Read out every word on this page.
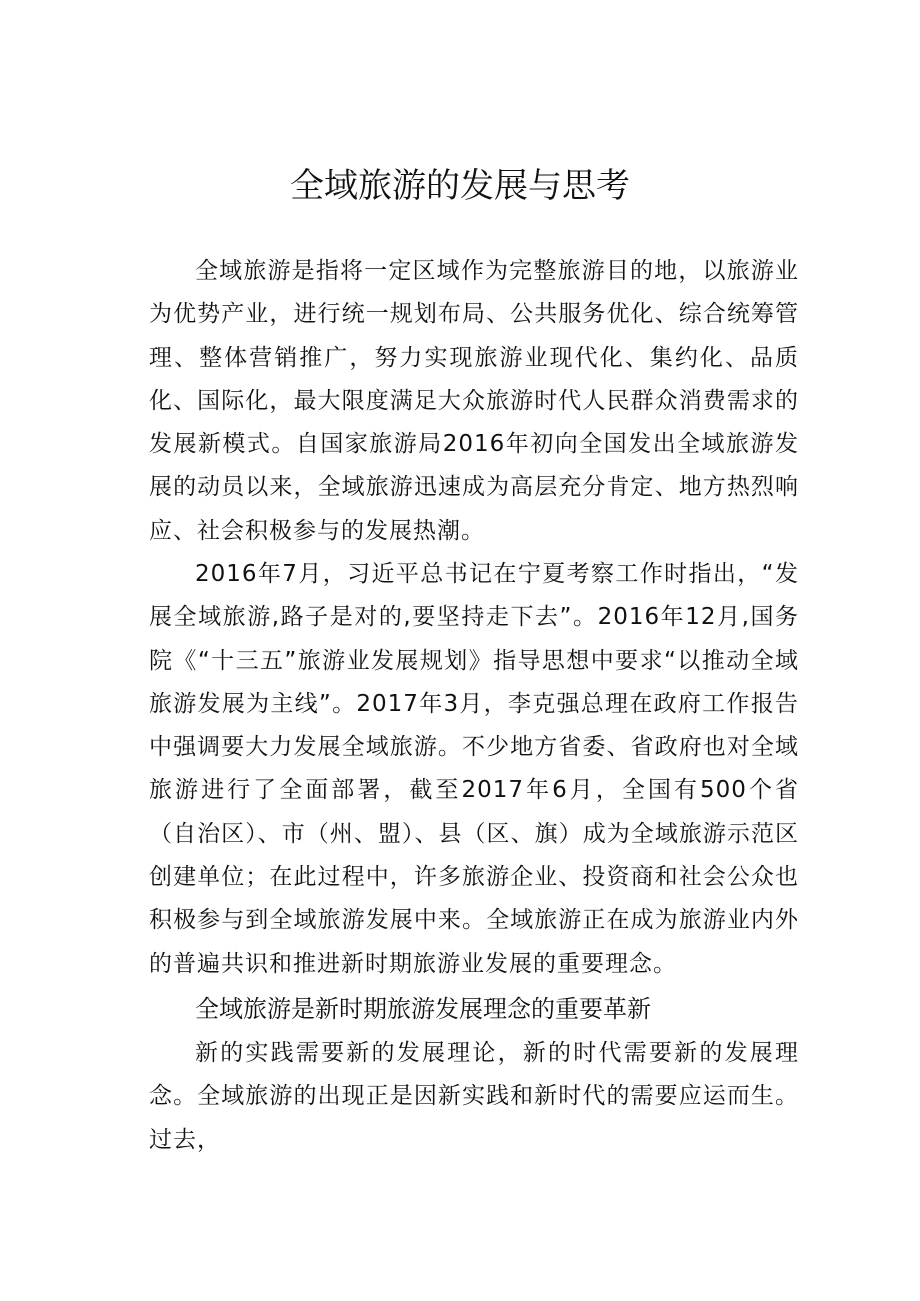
全域旅游的发展与思考

全域旅游是指将一定区域作为完整旅游目的地，以旅游业为优势产业，进行统一规划布局、公共服务优化、综合统筹管理、整体营销推广，努力实现旅游业现代化、集约化、品质化、国际化，最大限度满足大众旅游时代人民群众消费需求的发展新模式。自国家旅游局2016年初向全国发出全域旅游发展的动员以来，全域旅游迅速成为高层充分肯定、地方热烈响应、社会积极参与的发展热潮。

2016年7月，习近平总书记在宁夏考察工作时指出，“发展全域旅游,路子是对的,要坚持走下去”。2016年12月,国务院《“十三五”旅游业发展规划》指导思想中要求“以推动全域旅游发展为主线”。2017年3月，李克强总理在政府工作报告中强调要大力发展全域旅游。不少地方省委、省政府也对全域旅游进行了全面部署，截至2017年6月，全国有500个省（自治区）、市（州、盟）、县（区、旗）成为全域旅游示范区创建单位；在此过程中，许多旅游企业、投资商和社会公众也积极参与到全域旅游发展中来。全域旅游正在成为旅游业内外的普遍共识和推进新时期旅游业发展的重要理念。

全域旅游是新时期旅游发展理念的重要革新

新的实践需要新的发展理论，新的时代需要新的发展理念。全域旅游的出现正是因新实践和新时代的需要应运而生。过去，
